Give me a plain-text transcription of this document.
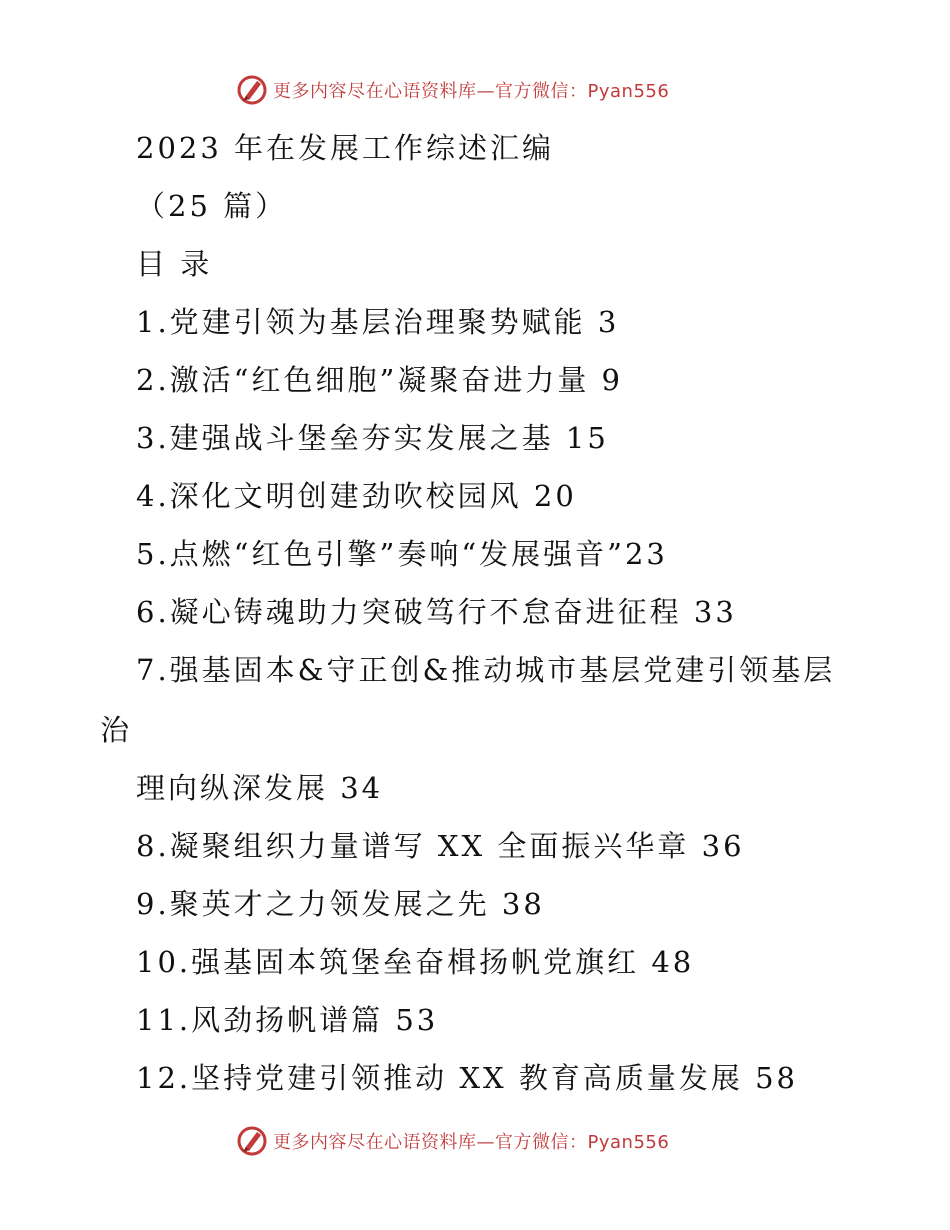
更多内容尽在心语资料库—官方微信：Pyan556
2023 年在发展工作综述汇编
（25 篇）
目 录
1.党建引领为基层治理聚势赋能 3
2.激活“红色细胞”凝聚奋进力量 9
3.建强战斗堡垒夯实发展之基 15
4.深化文明创建劲吹校园风 20
5.点燃“红色引擎”奏响“发展强音”23
6.凝心铸魂助力突破笃行不怠奋进征程 33
7.强基固本&守正创&推动城市基层党建引领基层
治
理向纵深发展 34
8.凝聚组织力量谱写 XX 全面振兴华章 36
9.聚英才之力领发展之先 38
10.强基固本筑堡垒奋楫扬帆党旗红 48
11.风劲扬帆谱篇 53
12.坚持党建引领推动 XX 教育高质量发展 58
更多内容尽在心语资料库—官方微信：Pyan556
